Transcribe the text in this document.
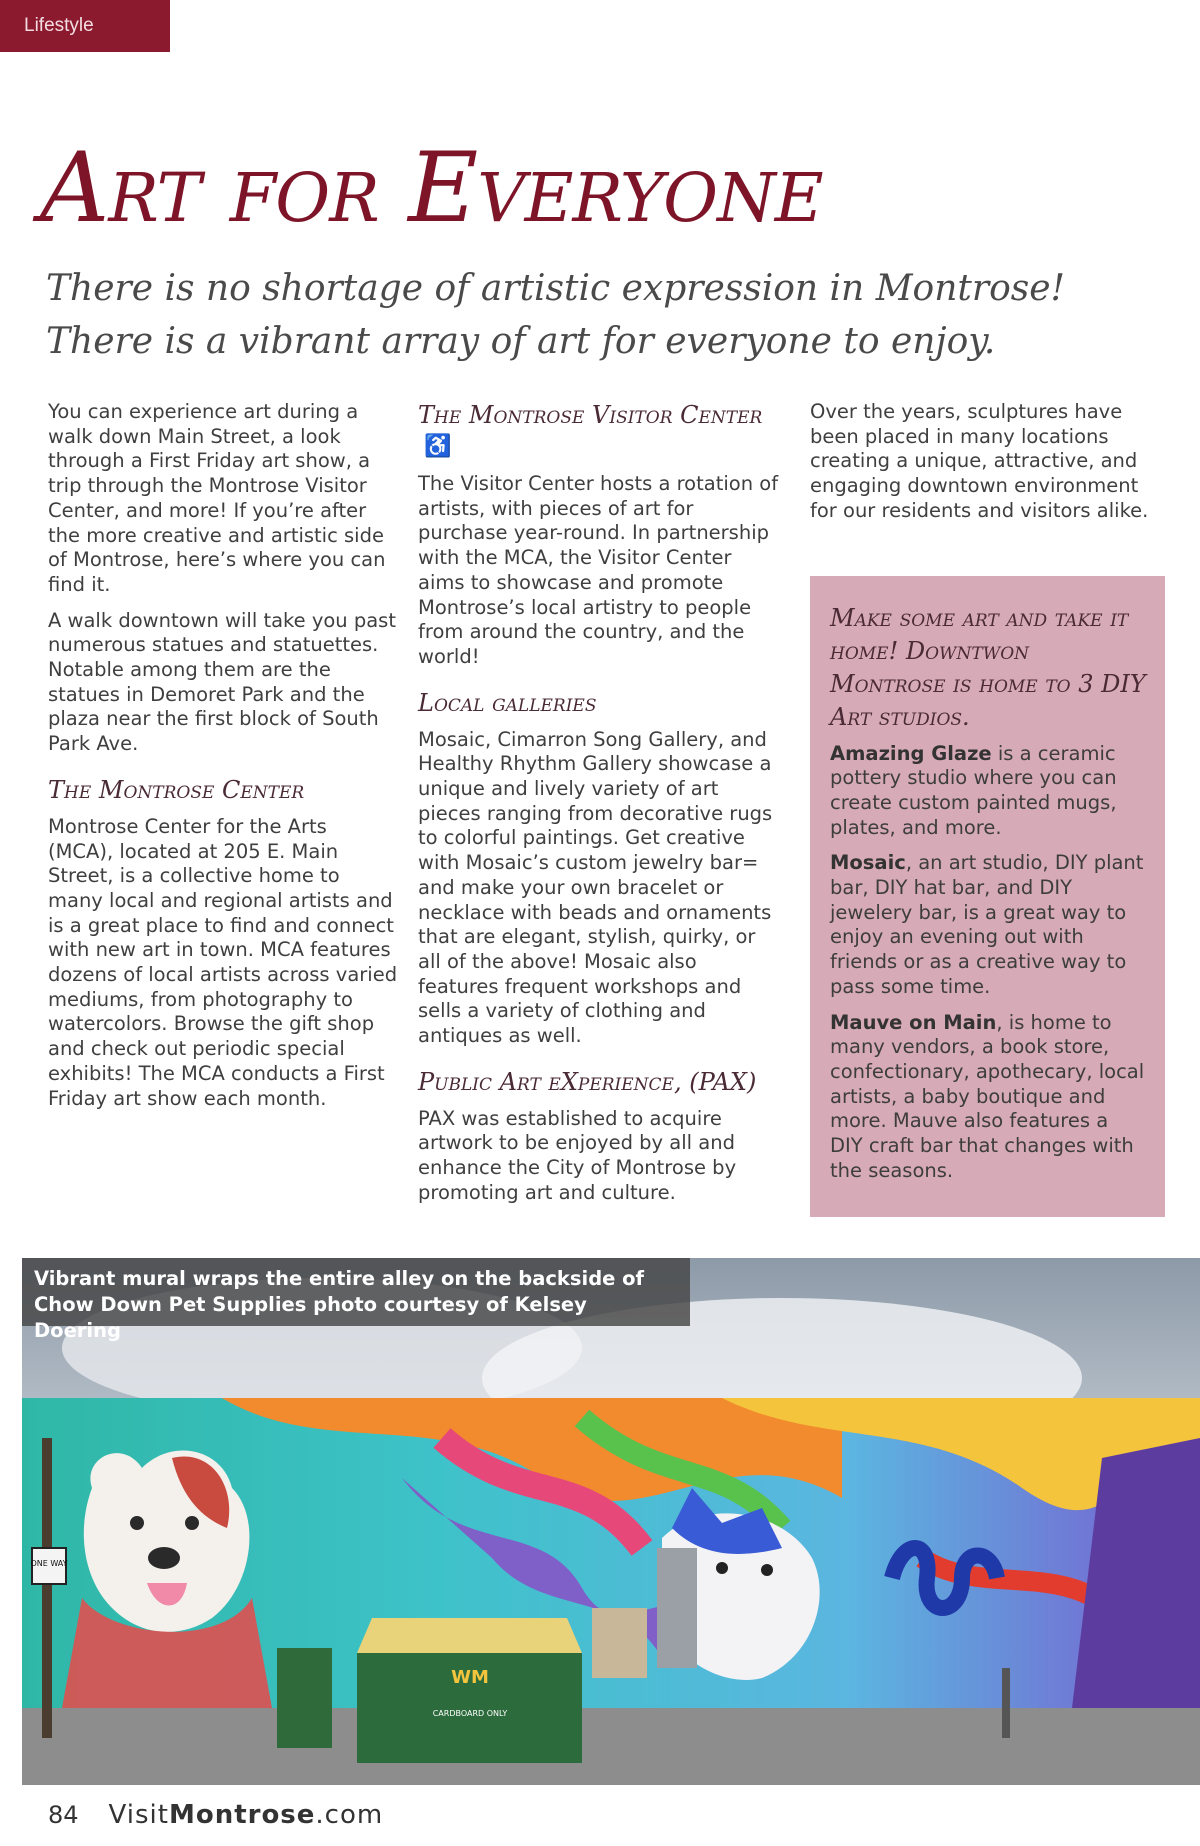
Lifestyle
Art for Everyone
There is no shortage of artistic expression in Montrose! There is a vibrant array of art for everyone to enjoy.

You can experience art during a walk down Main Street, a look through a First Friday art show, a trip through the Montrose Visitor Center, and more! If you’re after the more creative and artistic side of Montrose, here’s where you can find it.

A walk downtown will take you past numerous statues and statuettes. Notable among them are the statues in Demoret Park and the plaza near the first block of South Park Ave.

The Montrose Center

Montrose Center for the Arts (MCA), located at 205 E. Main Street, is a collective home to many local and regional artists and is a great place to find and connect with new art in town. MCA features dozens of local artists across varied mediums, from photography to watercolors. Browse the gift shop and check out periodic special exhibits! The MCA conducts a First Friday art show each month.

The Montrose Visitor Center♿

The Visitor Center hosts a rotation of artists, with pieces of art for purchase year-round. In partnership with the MCA, the Visitor Center aims to showcase and promote Montrose’s local artistry to people from around the country, and the world!

Local galleries

Mosaic, Cimarron Song Gallery, and Healthy Rhythm Gallery showcase a unique and lively variety of art pieces ranging from decorative rugs to colorful paintings. Get creative with Mosaic’s custom jewelry bar= and make your own bracelet or necklace with beads and ornaments that are elegant, stylish, quirky, or all of the above! Mosaic also features frequent workshops and sells a variety of clothing and antiques as well.

Public Art eXperience, (PAX)

PAX was established to acquire artwork to be enjoyed by all and enhance the City of Montrose by promoting art and culture.

Over the years, sculptures have been placed in many locations creating a unique, attractive, and engaging downtown environment for our residents and visitors alike.

Make some art and take it home! Downtwon Montrose is home to 3 DIY Art studios.

Amazing Glaze is a ceramic pottery studio where you can create custom painted mugs, plates, and more.

Mosaic, an art studio, DIY plant bar, DIY hat bar, and DIY jewelery bar, is a great way to enjoy an evening out with friends or as a creative way to pass some time.

Mauve on Main, is home to many vendors, a book store, confectionary, apothecary, local artists, a baby boutique and more. Mauve also features a DIY craft bar that changes with the seasons.

ONE WAY
WM
CARDBOARD ONLY
Vibrant mural wraps the entire alley on the backside of Chow Down Pet Supplies photo courtesy of Kelsey Doering
84 VisitMontrose.com
